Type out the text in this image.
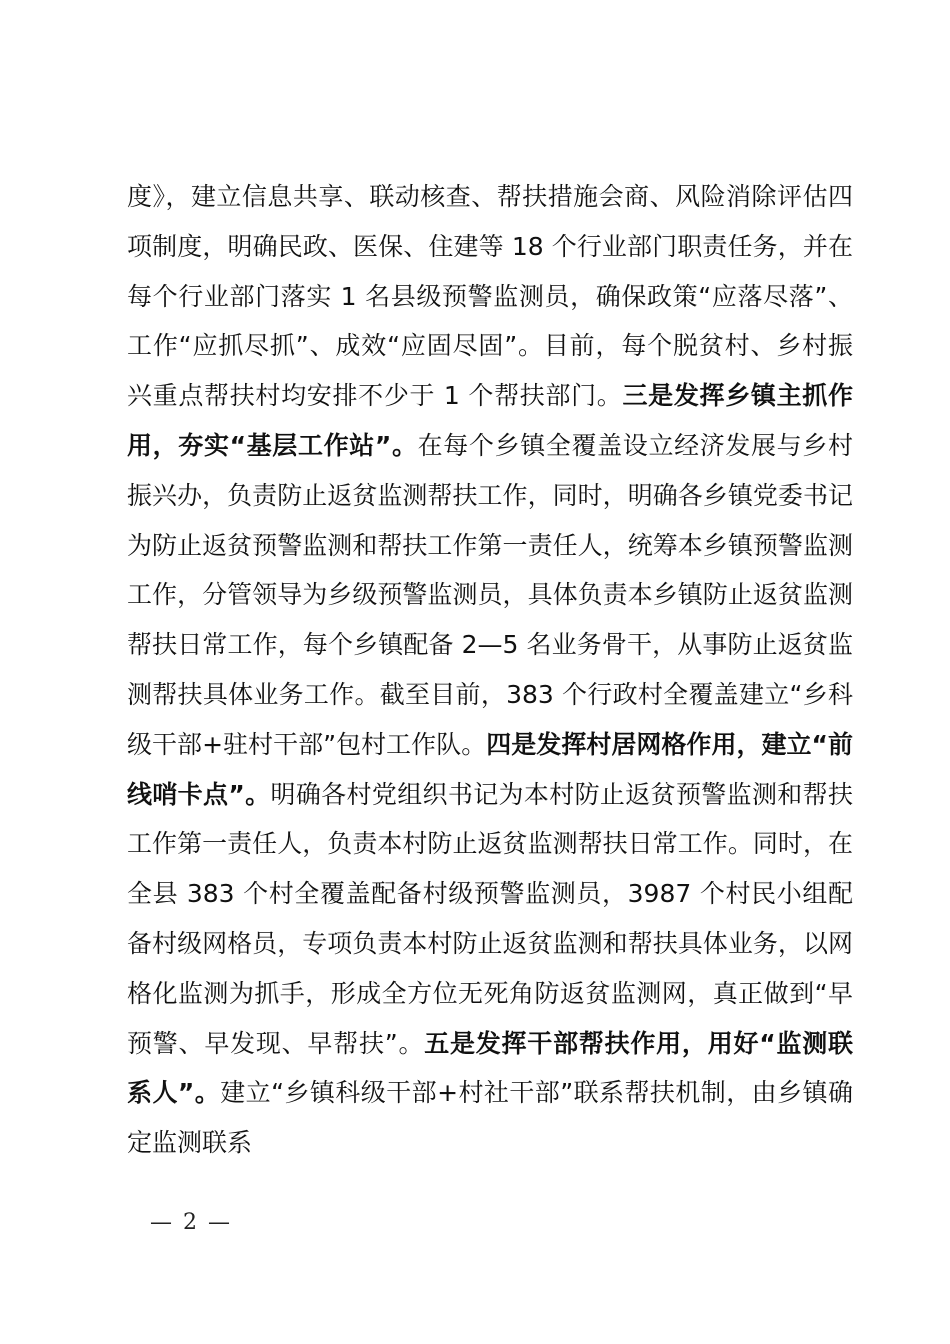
度》，建立信息共享、联动核查、帮扶措施会商、风险消除评估四项制度，明确民政、医保、住建等 18 个行业部门职责任务，并在每个行业部门落实 1 名县级预警监测员，确保政策“应落尽落”、工作“应抓尽抓”、成效“应固尽固”。目前，每个脱贫村、乡村振兴重点帮扶村均安排不少于 1 个帮扶部门。三是发挥乡镇主抓作用，夯实“基层工作站”。在每个乡镇全覆盖设立经济发展与乡村振兴办，负责防止返贫监测帮扶工作，同时，明确各乡镇党委书记为防止返贫预警监测和帮扶工作第一责任人，统筹本乡镇预警监测工作，分管领导为乡级预警监测员，具体负责本乡镇防止返贫监测帮扶日常工作，每个乡镇配备 2—5 名业务骨干，从事防止返贫监测帮扶具体业务工作。截至目前，383 个行政村全覆盖建立“乡科级干部+驻村干部”包村工作队。四是发挥村居网格作用，建立“前线哨卡点”。明确各村党组织书记为本村防止返贫预警监测和帮扶工作第一责任人，负责本村防止返贫监测帮扶日常工作。同时，在全县 383 个村全覆盖配备村级预警监测员，3987 个村民小组配备村级网格员，专项负责本村防止返贫监测和帮扶具体业务，以网格化监测为抓手，形成全方位无死角防返贫监测网，真正做到“早预警、早发现、早帮扶”。五是发挥干部帮扶作用，用好“监测联系人”。建立“乡镇科级干部+村社干部”联系帮扶机制，由乡镇确定监测联系

— 2 —
